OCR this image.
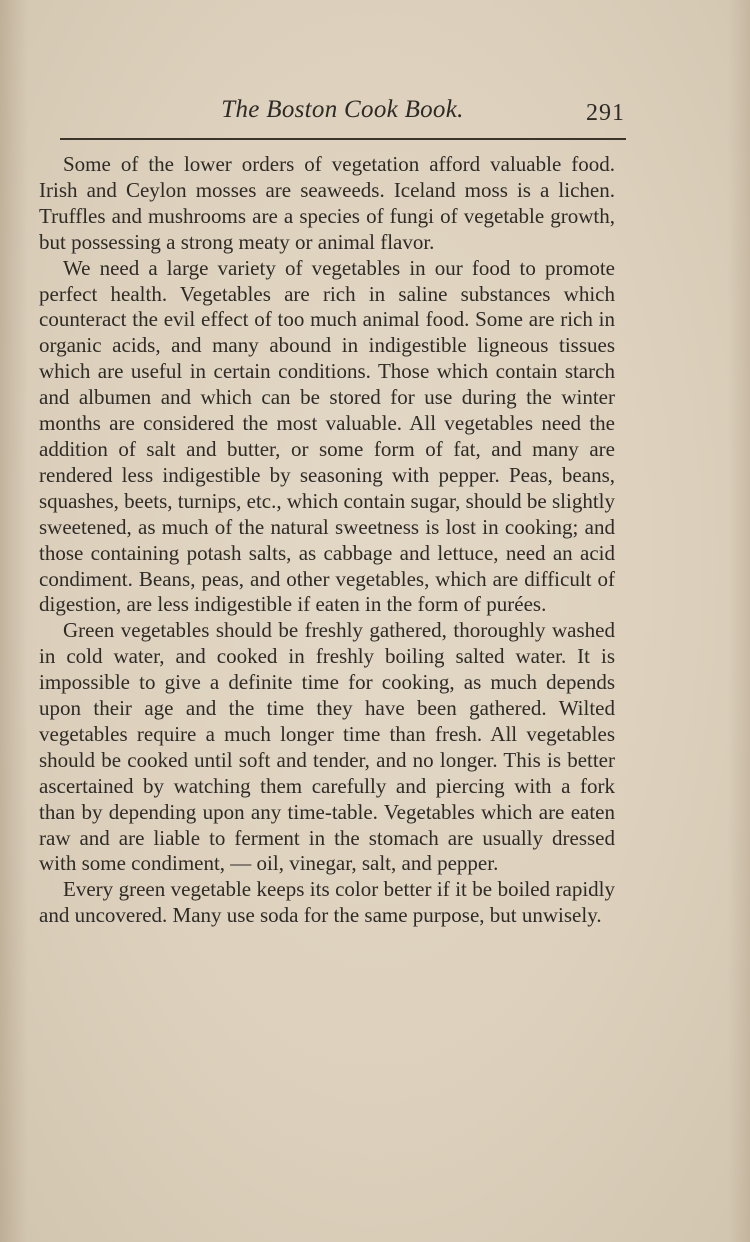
The Boston Cook Book.	291

Some of the lower orders of vegetation afford valuable food. Irish and Ceylon mosses are seaweeds. Iceland moss is a lichen. Truffles and mushrooms are a species of fungi of vegetable growth, but possessing a strong meaty or animal flavor.

We need a large variety of vegetables in our food to promote perfect health. Vegetables are rich in saline substances which counteract the evil effect of too much animal food. Some are rich in organic acids, and many abound in indigestible ligneous tissues which are useful in certain conditions. Those which contain starch and albumen and which can be stored for use during the winter months are considered the most valuable. All vegetables need the addition of salt and butter, or some form of fat, and many are rendered less indigestible by seasoning with pepper. Peas, beans, squashes, beets, turnips, etc., which contain sugar, should be slightly sweetened, as much of the natural sweetness is lost in cooking; and those containing potash salts, as cabbage and lettuce, need an acid condiment. Beans, peas, and other vegetables, which are difficult of digestion, are less indigestible if eaten in the form of purées.

Green vegetables should be freshly gathered, thoroughly washed in cold water, and cooked in freshly boiling salted water. It is impossible to give a definite time for cooking, as much depends upon their age and the time they have been gathered. Wilted vegetables require a much longer time than fresh. All vegetables should be cooked until soft and tender, and no longer. This is better ascertained by watching them carefully and piercing with a fork than by depending upon any time-table. Vegetables which are eaten raw and are liable to ferment in the stomach are usually dressed with some condiment, — oil, vinegar, salt, and pepper.

Every green vegetable keeps its color better if it be boiled rapidly and uncovered. Many use soda for the same purpose, but unwisely.
